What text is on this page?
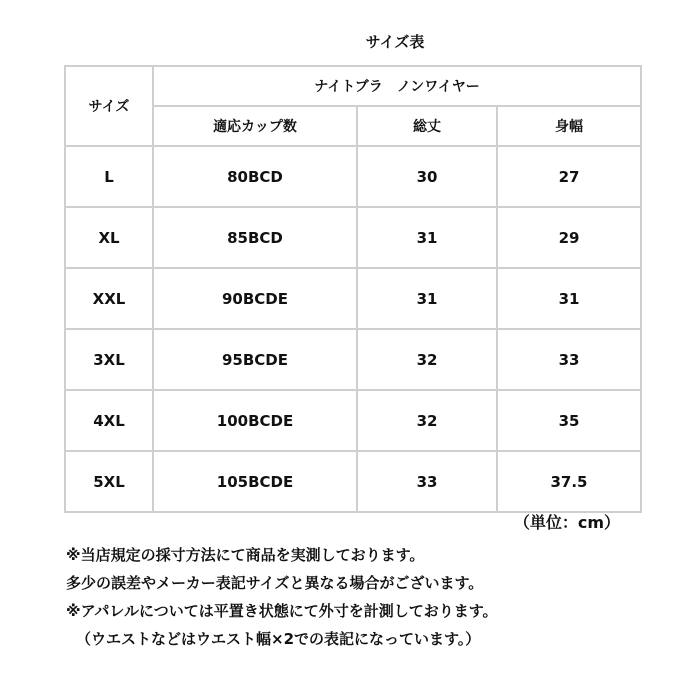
サイズ表
サイズ	ナイトブラ　ノンワイヤー		
	適応カップ数	総丈	身幅
L	80BCD	30	27
XL	85BCD	31	29
XXL	90BCDE	31	31
3XL	95BCDE	32	33
4XL	100BCDE	32	35
5XL	105BCDE	33	37.5
（単位：cm）
※当店規定の採寸方法にて商品を実測しております。
多少の誤差やメーカー表記サイズと異なる場合がございます。
※アパレルについては平置き状態にて外寸を計測しております。
（ウエストなどはウエスト幅×2での表記になっています。）
